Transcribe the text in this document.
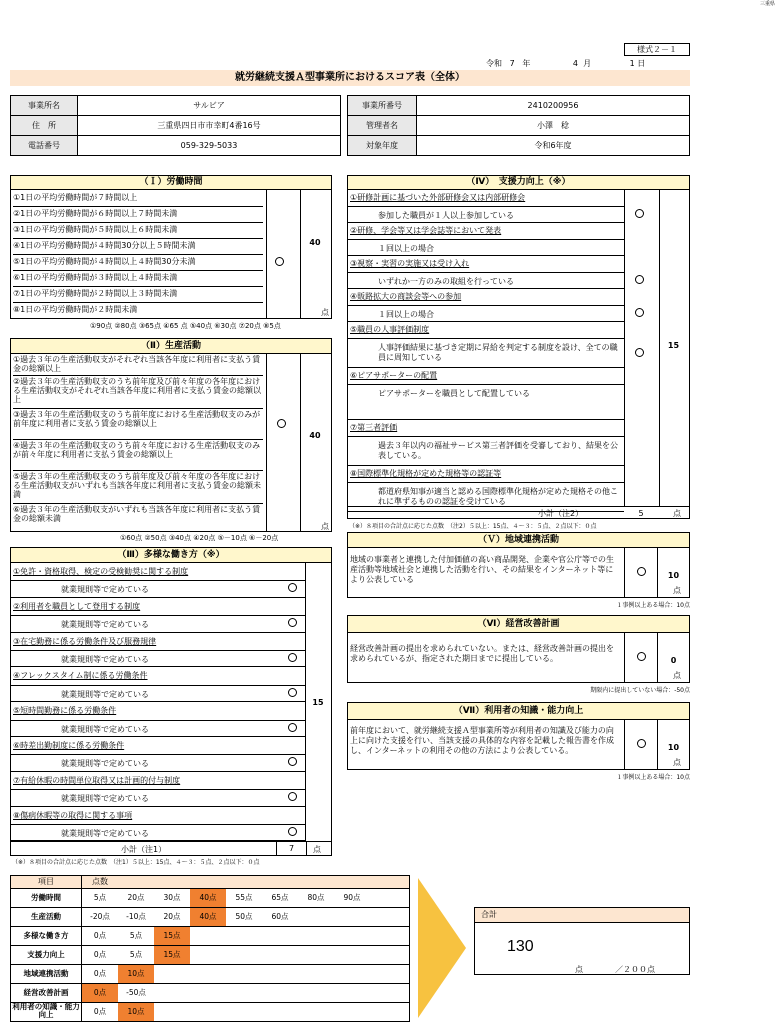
三重県
様式２－１
令和 7 年	4 月	1 日
就労継続支援Ａ型事業所におけるスコア表（全体）
事業所名	サルビア
住　所	三重県四日市市幸町4番16号
電話番号	059-329-5033
事業所番号	2410200956
管理者名	小澤　稔
対象年度	令和6年度
（Ｉ）労働時間
①1日の平均労働時間が７時間以上
②1日の平均労働時間が６時間以上７時間未満
③1日の平均労働時間が５時間以上６時間未満
④1日の平均労働時間が４時間30分以上５時間未満
⑤1日の平均労働時間が４時間以上４時間30分未満
⑥1日の平均労働時間が３時間以上４時間未満
⑦1日の平均労働時間が２時間以上３時間未満
⑧1日の平均労働時間が２時間未満
40
点
①90点 ②80点 ③65点 ④65 点 ⑤40点 ⑥30点 ⑦20点 ⑧5点
（Ⅱ）生産活動
①過去３年の生産活動収支がそれぞれ当該各年度に利用者に支払う賃金の総額以上
②過去３年の生産活動収支のうち前年度及び前々年度の各年度における生産活動収支がそれぞれ当該各年度に利用者に支払う賃金の総額以上
③過去３年の生産活動収支のうち前年度における生産活動収支のみが前年度に利用者に支払う賃金の総額以上
④過去３年の生産活動収支のうち前々年度における生産活動収支のみが前々年度に利用者に支払う賃金の総額以上
⑤過去３年の生産活動収支のうち前年度及び前々年度の各年度における生産活動収支がいずれも当該各年度に利用者に支払う賃金の総額未満
⑥過去３年の生産活動収支がいずれも当該各年度に利用者に支払う賃金の総額未満
40
点
①60点 ②50点 ③40点 ④20点 ⑤－10点 ⑥－20点
（Ⅲ）多様な働き方（※）
①免許・資格取得、検定の受検勧奨に関する制度
就業規則等で定めている
②利用者を職員として登用する制度
就業規則等で定めている
③在宅勤務に係る労働条件及び服務規律
就業規則等で定めている
④フレックスタイム制に係る労働条件
就業規則等で定めている
⑤短時間勤務に係る労働条件
就業規則等で定めている
⑥時差出勤制度に係る労働条件
就業規則等で定めている
⑦有給休暇の時間単位取得又は計画的付与制度
就業規則等で定めている
⑧傷病休暇等の取得に関する事項
就業規則等で定めている
15
小計（注1）	7	点
（※）８項目の合計点に応じた点数　（注1）５以上：15点、４～３：５点、２点以下：０点
（Ⅳ）　支援力向上（※）
①研修計画に基づいた外部研修会又は内部研修会
参加した職員が１人以上参加している
②研修、学会等又は学会誌等において発表
１回以上の場合
③視察・実習の実施又は受け入れ
いずれか一方のみの取組を行っている
④販路拡大の商談会等への参加
１回以上の場合
⑤職員の人事評価制度
人事評価結果に基づき定期に昇給を判定する制度を設け、全ての職員に周知している
⑥ピアサポーターの配置
ピアサポーターを職員として配置している
⑦第三者評価
過去３年以内の福祉サービス第三者評価を受審しており、結果を公表している。
⑧国際標準化規格が定めた規格等の認証等
都道府県知事が適当と認める国際標準化規格が定めた規格その他これに準ずるものの認証を受けている
15
小計（注2）	5	点
（※）８項目の合計点に応じた点数　（注2）５以上：15点、４～３：５点、２点以下：０点
（Ｖ）地域連携活動
地域の事業者と連携した付加価値の高い商品開発、企業や官公庁等での生産活動等地域社会と連携した活動を行い、その結果をインターネット等により公表している	10
点
１事例以上ある場合：10点
（Ⅵ）経営改善計画
経営改善計画の提出を求められていない。または、経営改善計画の提出を求められているが、指定された期日までに提出している。	0
点
期限内に提出していない場合：-50点
（Ⅶ）利用者の知識・能力向上
前年度において、就労継続支援Ａ型事業所等が利用者の知識及び能力の向上に向けた支援を行い、当該支援の具体的な内容を記載した報告書を作成し、インターネットの利用その他の方法により公表している。	10
点
１事例以上ある場合：10点
項目	点数
労働時間	5点	20点	30点	40点	55点	65点	80点	90点
生産活動	-20点	-10点	20点	40点	50点	60点
多様な働き方	0点	5点	15点
支援力向上	0点	5点	15点
地域連携活動	0点	10点
経営改善計画	0点	-50点
利用者の知識・能力向上	0点	10点
合計
130
点	／２００点
